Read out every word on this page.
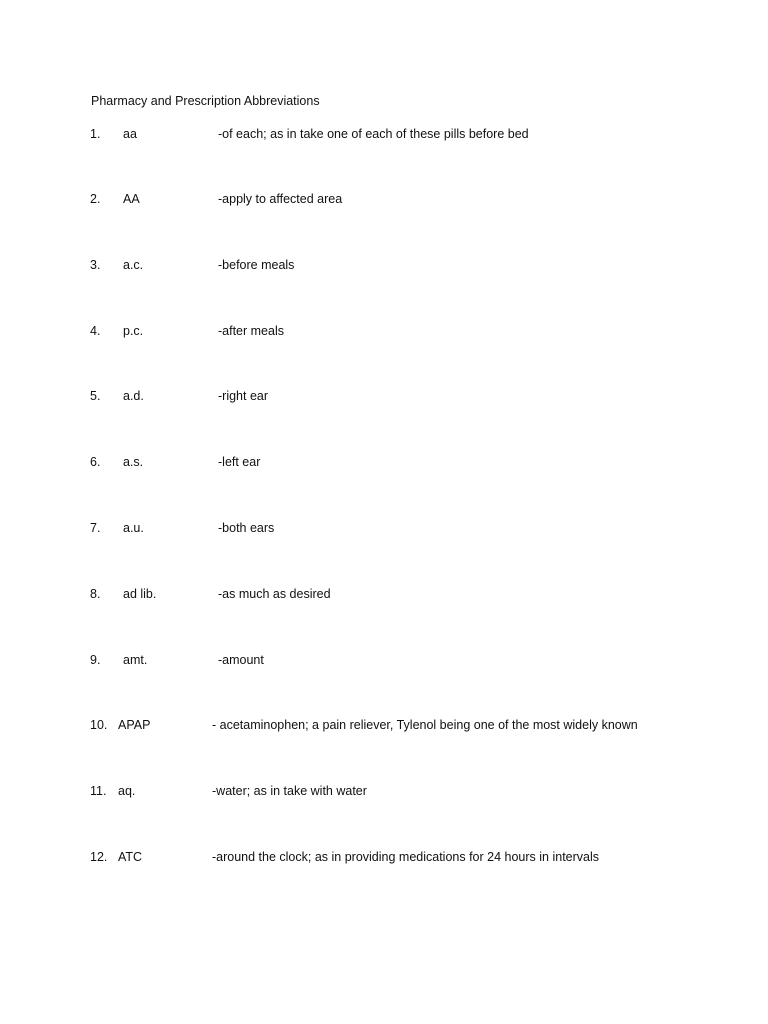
Pharmacy and Prescription Abbreviations
1. aa	-of each; as in take one of each of these pills before bed
2. AA	-apply to affected area
3. a.c.	-before meals
4. p.c.	-after meals
5. a.d.	-right ear
6. a.s.	-left ear
7. a.u.	-both ears
8. ad lib.	-as much as desired
9. amt.	-amount
10. APAP	- acetaminophen; a pain reliever, Tylenol being one of the most widely known
11. aq.	-water; as in take with water
12. ATC	-around the clock; as in providing medications for 24 hours in intervals
